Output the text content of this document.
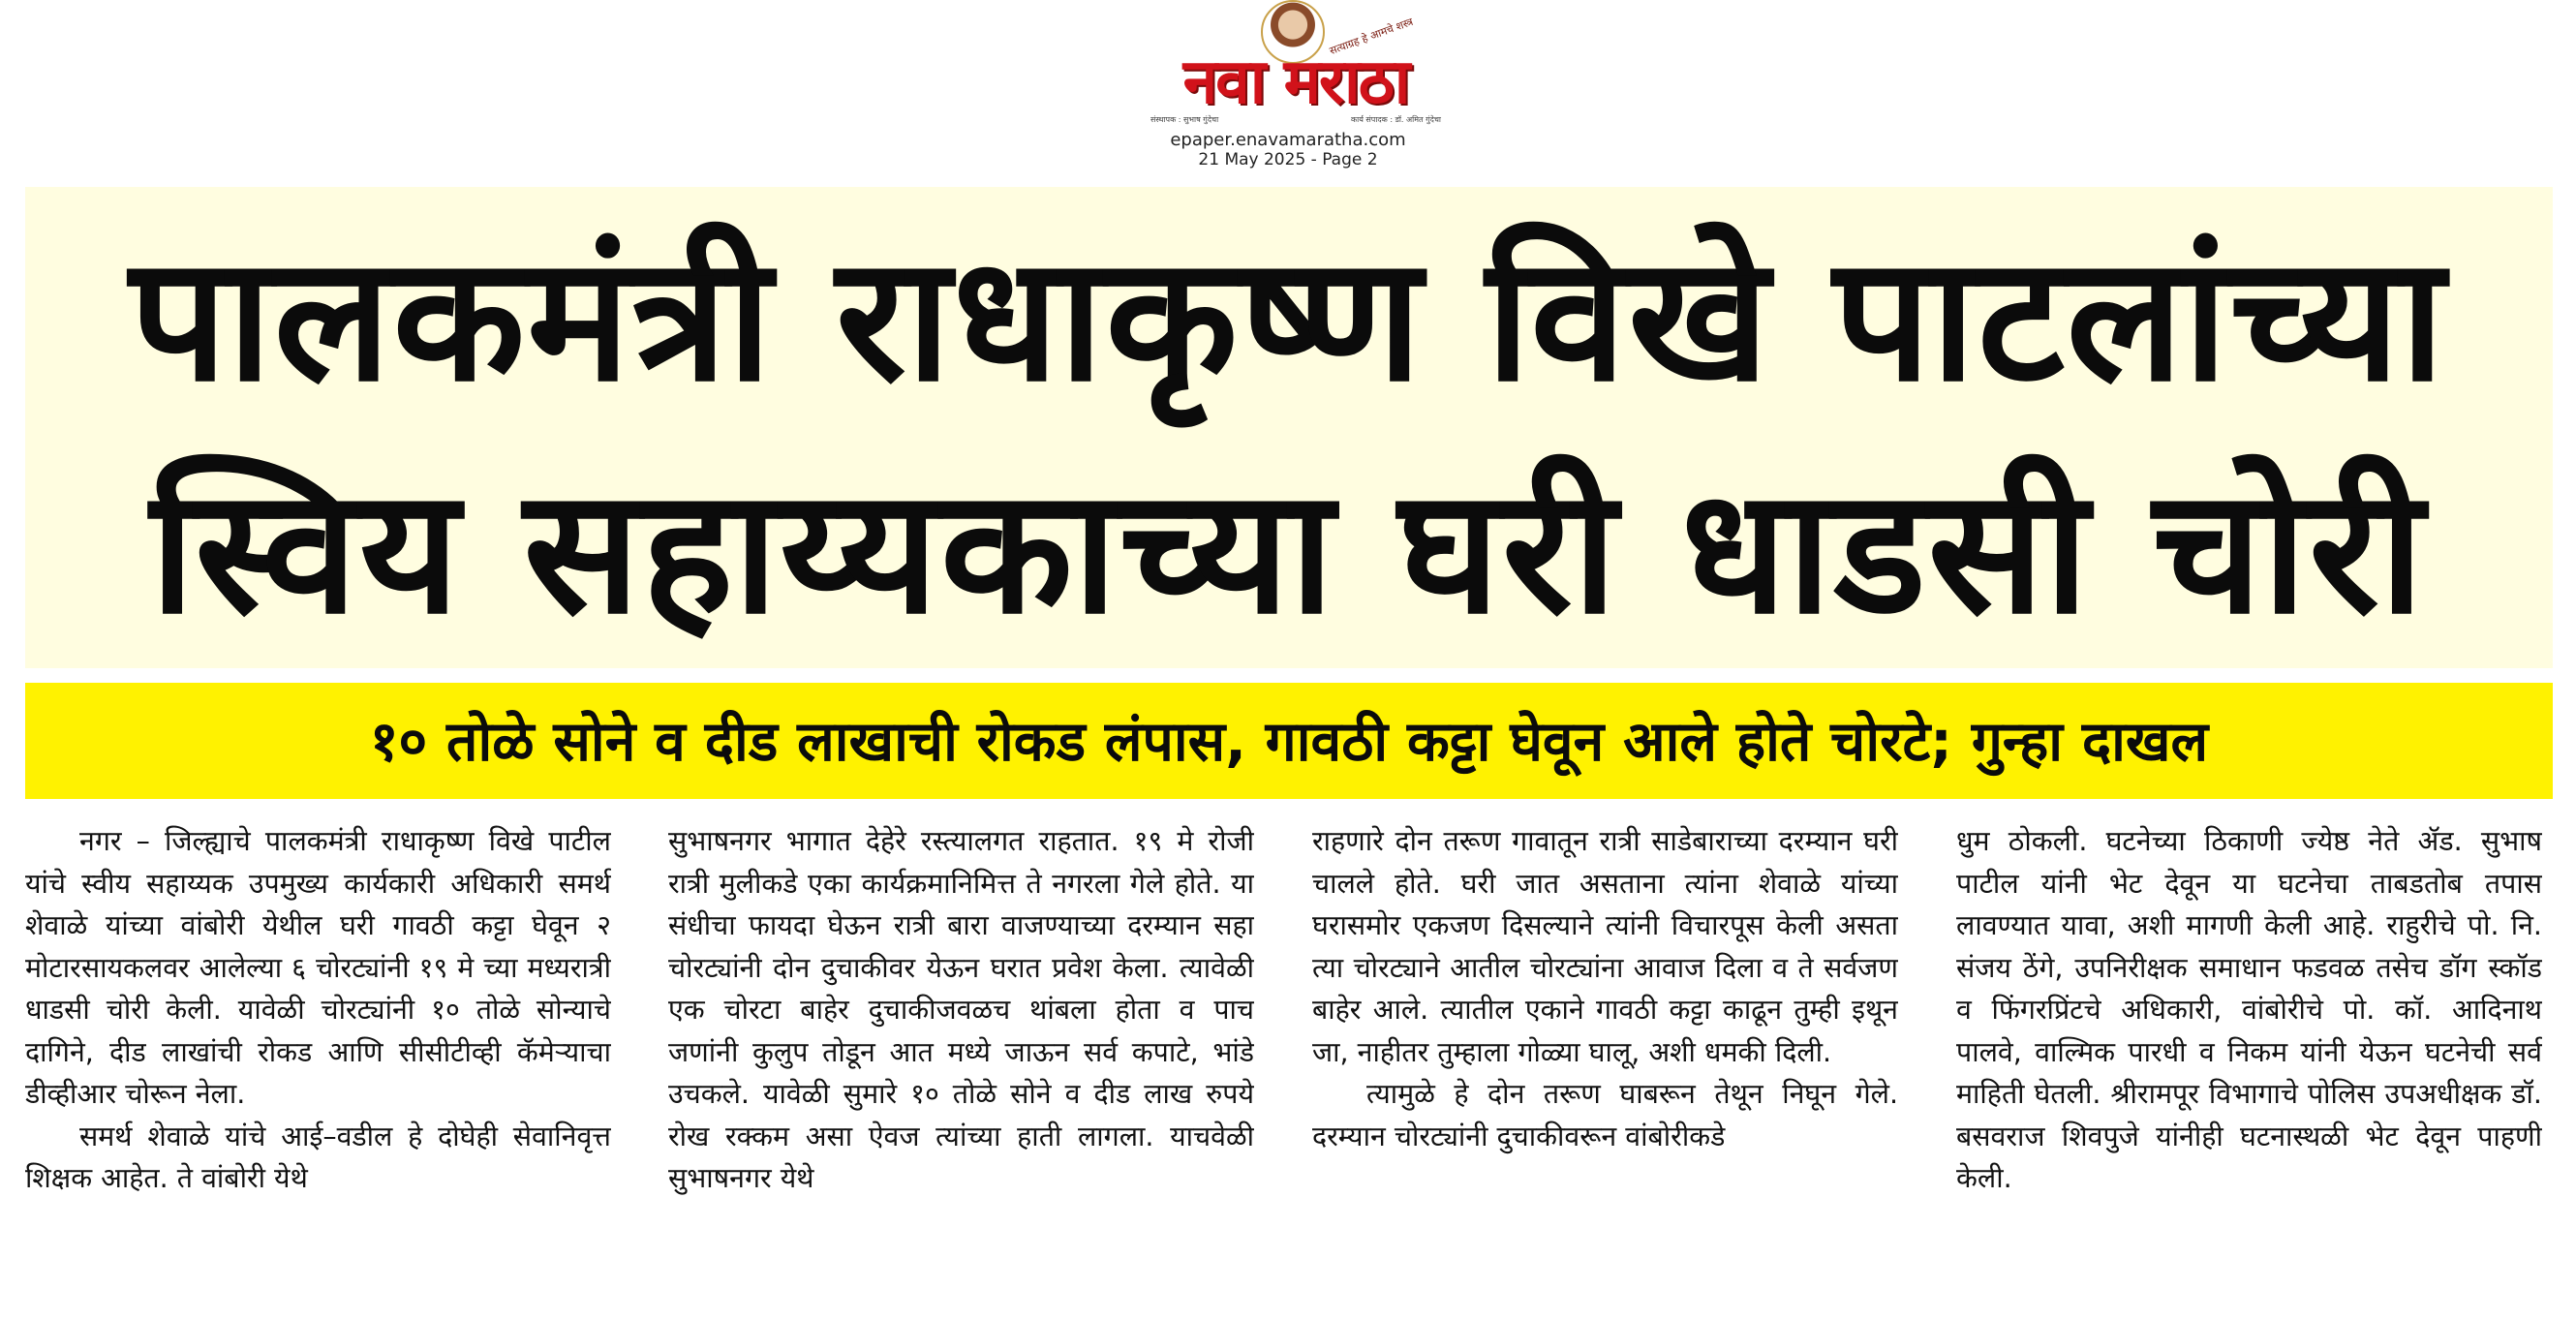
सत्याग्रह हे आमचे शस्त्र
नवा मराठा
संस्थापक : सुभाष गुंदेचा	कार्य संपादक : डॉ. अमित गुंदेचा
epaper.enavamaratha.com
21 May 2025 - Page 2
पालकमंत्री राधाकृष्ण विखे पाटलांच्या
स्विय सहाय्यकाच्या घरी धाडसी चोरी
१० तोळे सोने व दीड लाखाची रोकड लंपास, गावठी कट्टा घेवून आले होते चोरटे; गुन्हा दाखल

नगर – जिल्ह्याचे पालकमंत्री राधाकृष्ण विखे पाटील यांचे स्वीय सहाय्यक उपमुख्य कार्यकारी अधिकारी समर्थ शेवाळे यांच्या वांबोरी येथील घरी गावठी कट्टा घेवून २ मोटारसायकलवर आलेल्या ६ चोरट्यांनी १९ मे च्या मध्यरात्री धाडसी चोरी केली. यावेळी चोरट्यांनी १० तोळे सोन्याचे दागिने, दीड लाखांची रोकड आणि सीसीटीव्ही कॅमेऱ्याचा डीव्हीआर चोरून नेला.

समर्थ शेवाळे यांचे आई–वडील हे दोघेही सेवानिवृत्त शिक्षक आहेत. ते वांबोरी येथे

सुभाषनगर भागात देहेरे रस्त्यालगत राहतात. १९ मे रोजी रात्री मुलीकडे एका कार्यक्रमानिमित्त ते नगरला गेले होते. या संधीचा फायदा घेऊन रात्री बारा वाजण्याच्या दरम्यान सहा चोरट्यांनी दोन दुचाकीवर येऊन घरात प्रवेश केला. त्यावेळी एक चोरटा बाहेर दुचाकीजवळच थांबला होता व पाच जणांनी कुलुप तोडून आत मध्ये जाऊन सर्व कपाटे, भांडे उचकले. यावेळी सुमारे १० तोळे सोने व दीड लाख रुपये रोख रक्कम असा ऐवज त्यांच्या हाती लागला. याचवेळी सुभाषनगर येथे

राहणारे दोन तरूण गावातून रात्री साडेबाराच्या दरम्यान घरी चालले होते. घरी जात असताना त्यांना शेवाळे यांच्या घरासमोर एकजण दिसल्याने त्यांनी विचारपूस केली असता त्या चोरट्याने आतील चोरट्यांना आवाज दिला व ते सर्वजण बाहेर आले. त्यातील एकाने गावठी कट्टा काढून तुम्ही इथून जा, नाहीतर तुम्हाला गोळ्या घालू, अशी धमकी दिली.

त्यामुळे हे दोन तरूण घाबरून तेथून निघून गेले. दरम्यान चोरट्यांनी दुचाकीवरून वांबोरीकडे

धुम ठोकली. घटनेच्या ठिकाणी ज्येष्ठ नेते ॲड. सुभाष पाटील यांनी भेट देवून या घटनेचा ताबडतोब तपास लावण्यात यावा, अशी मागणी केली आहे. राहुरीचे पो. नि. संजय ठेंगे, उपनिरीक्षक समाधान फडवळ तसेच डॉग स्कॉड व फिंगरप्रिंटचे अधिकारी, वांबोरीचे पो. कॉ. आदिनाथ पालवे, वाल्मिक पारधी व निकम यांनी येऊन घटनेची सर्व माहिती घेतली. श्रीरामपूर विभागाचे पोलिस उपअधीक्षक डॉ. बसवराज शिवपुजे यांनीही घटनास्थळी भेट देवून पाहणी केली.
